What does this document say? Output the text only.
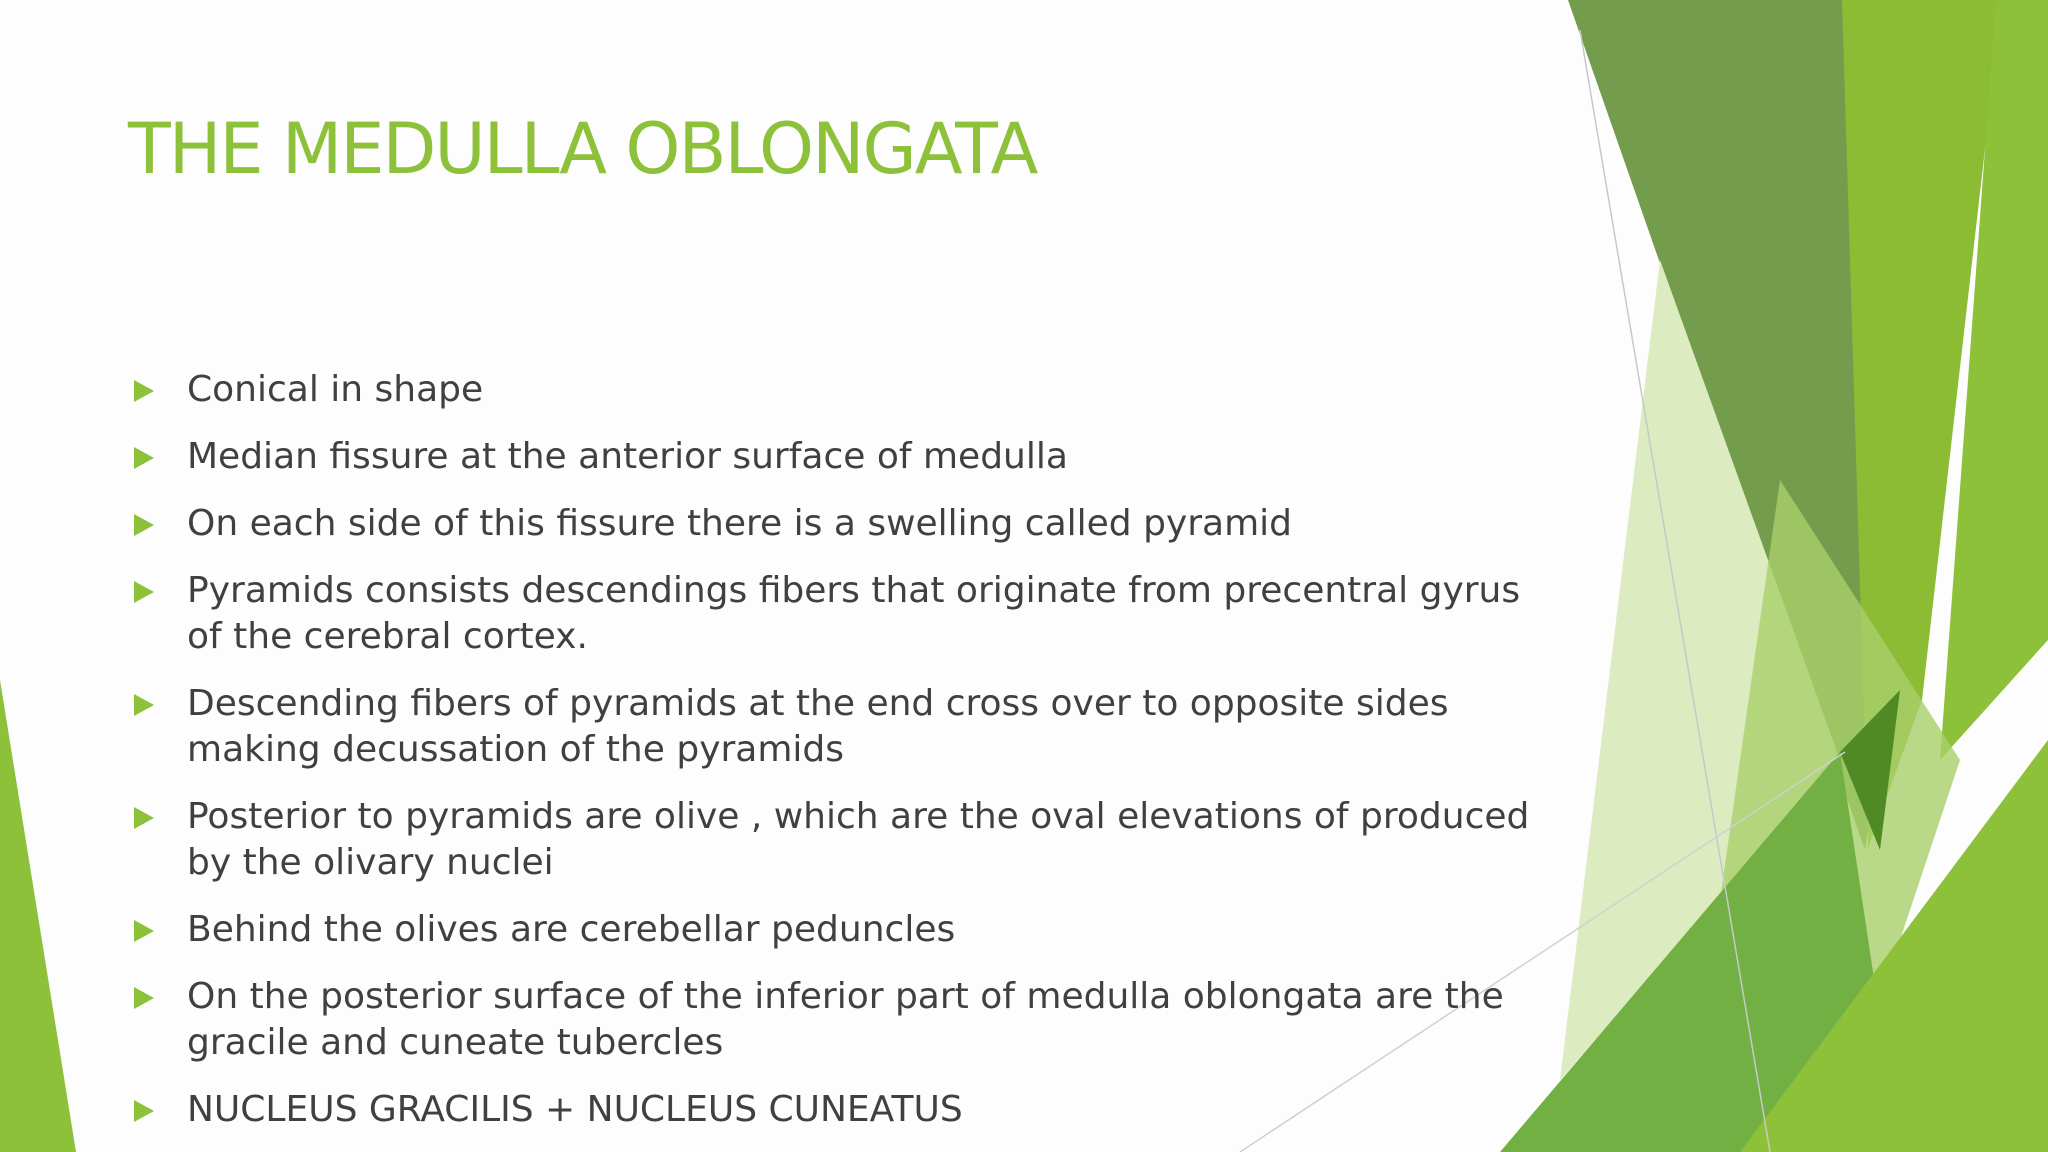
THE MEDULLA OBLONGATA
Conical in shape
Median fissure at the anterior surface of medulla
On each side of this fissure there is a swelling called pyramid
Pyramids consists descendings fibers that originate from precentral gyrus of the cerebral cortex.
Descending fibers of pyramids at the end cross over to opposite sides making decussation of the pyramids
Posterior to pyramids are olive , which are the oval elevations of produced by the olivary nuclei
Behind the olives are cerebellar peduncles
On the posterior surface of the inferior part of medulla oblongata are the gracile and cuneate tubercles
NUCLEUS GRACILIS + NUCLEUS CUNEATUS
